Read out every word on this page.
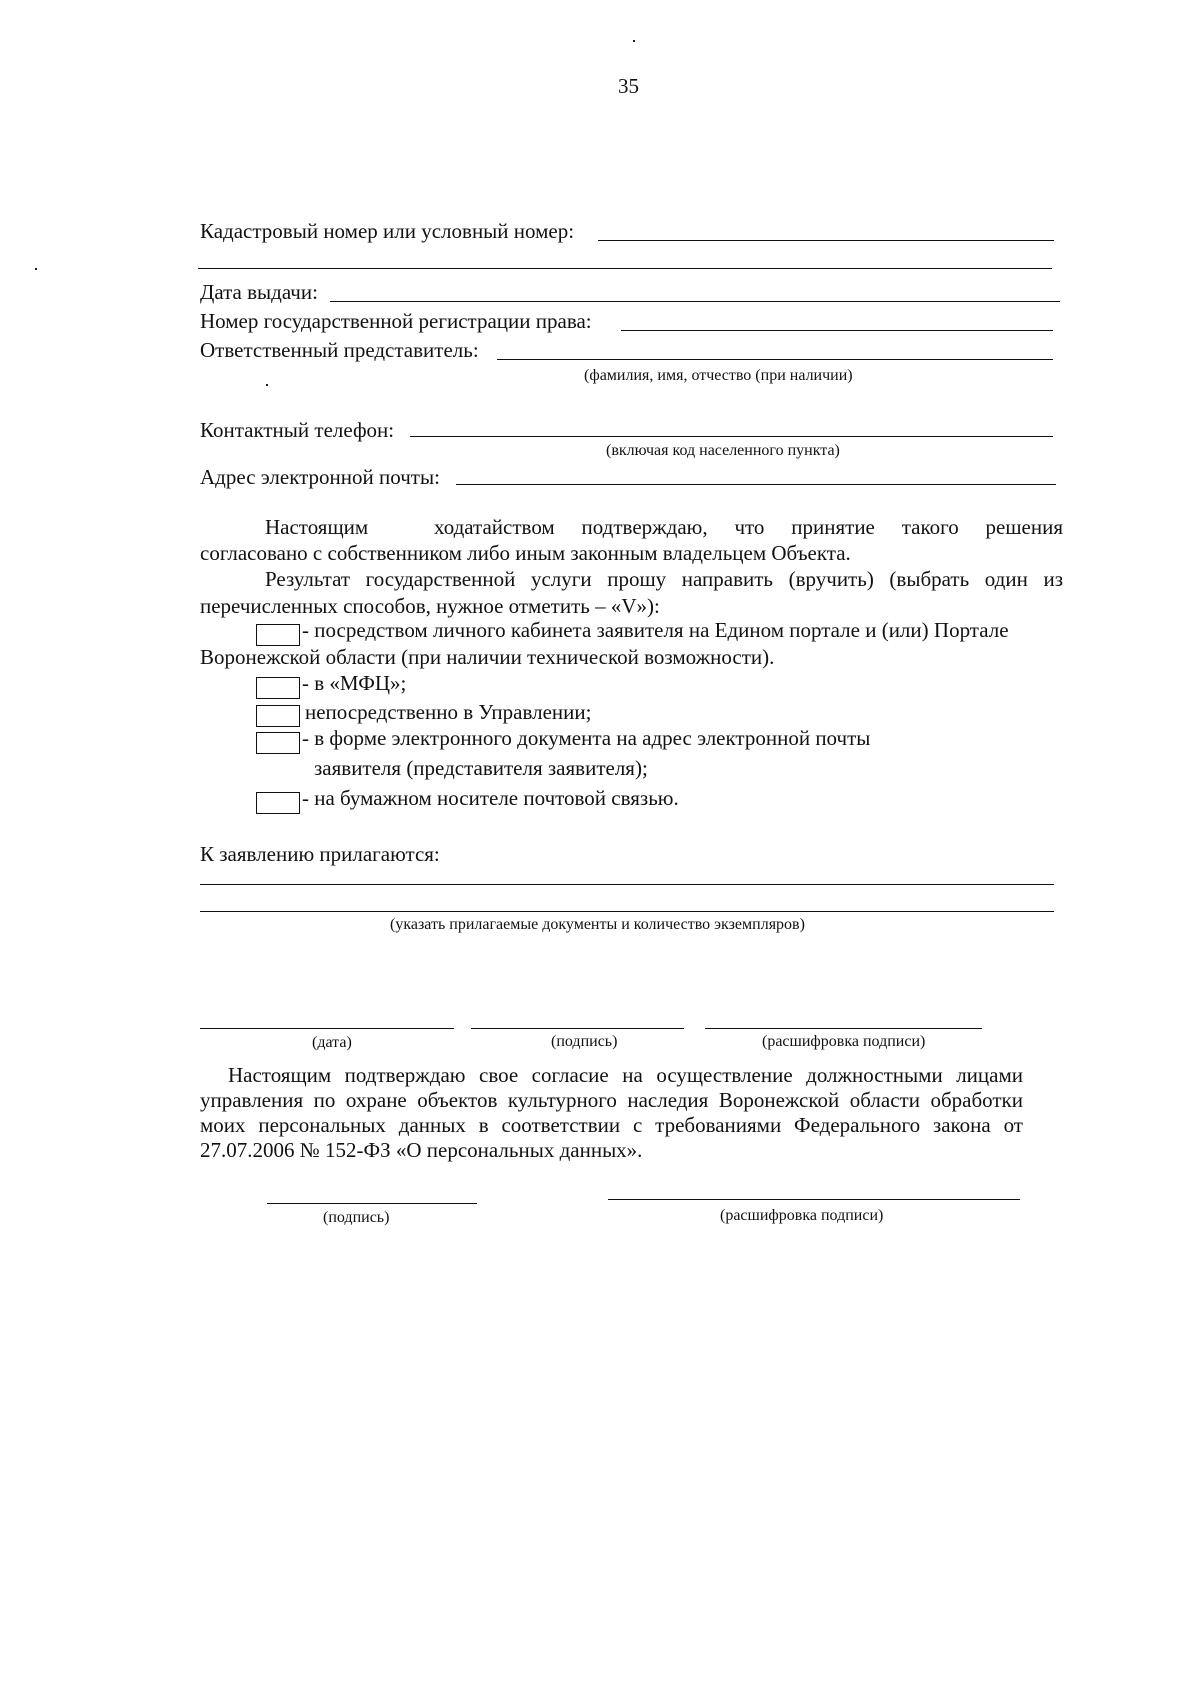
35
Кадастровый номер или условный номер:
Дата выдачи:
Номер государственной регистрации права:
Ответственный представитель:
(фамилия, имя, отчество (при наличии)
Контактный телефон:
(включая код населенного пункта)
Адрес электронной почты:
Настоящим	ходатайством подтверждаю, что принятие такого решения
согласовано с собственником либо иным законным владельцем Объекта.
Результат государственной услуги прошу направить (вручить) (выбрать один из
перечисленных способов, нужное отметить – «V»):
- посредством личного кабинета заявителя на Едином портале и (или) Портале
Воронежской области (при наличии технической возможности).
- в «МФЦ»;
непосредственно в Управлении;
- в форме электронного документа на адрес электронной почты
заявителя (представителя заявителя);
- на бумажном носителе почтовой связью.
К заявлению прилагаются:
(указать прилагаемые документы и количество экземпляров)
(дата)	(подпись)	(расшифровка подписи)
Настоящим подтверждаю свое согласие на осуществление должностными лицами
управления по охране объектов культурного наследия Воронежской области обработки
моих персональных данных в соответствии с требованиями Федерального закона от
27.07.2006 № 152-ФЗ «О персональных данных».
(подпись)	(расшифровка подписи)
